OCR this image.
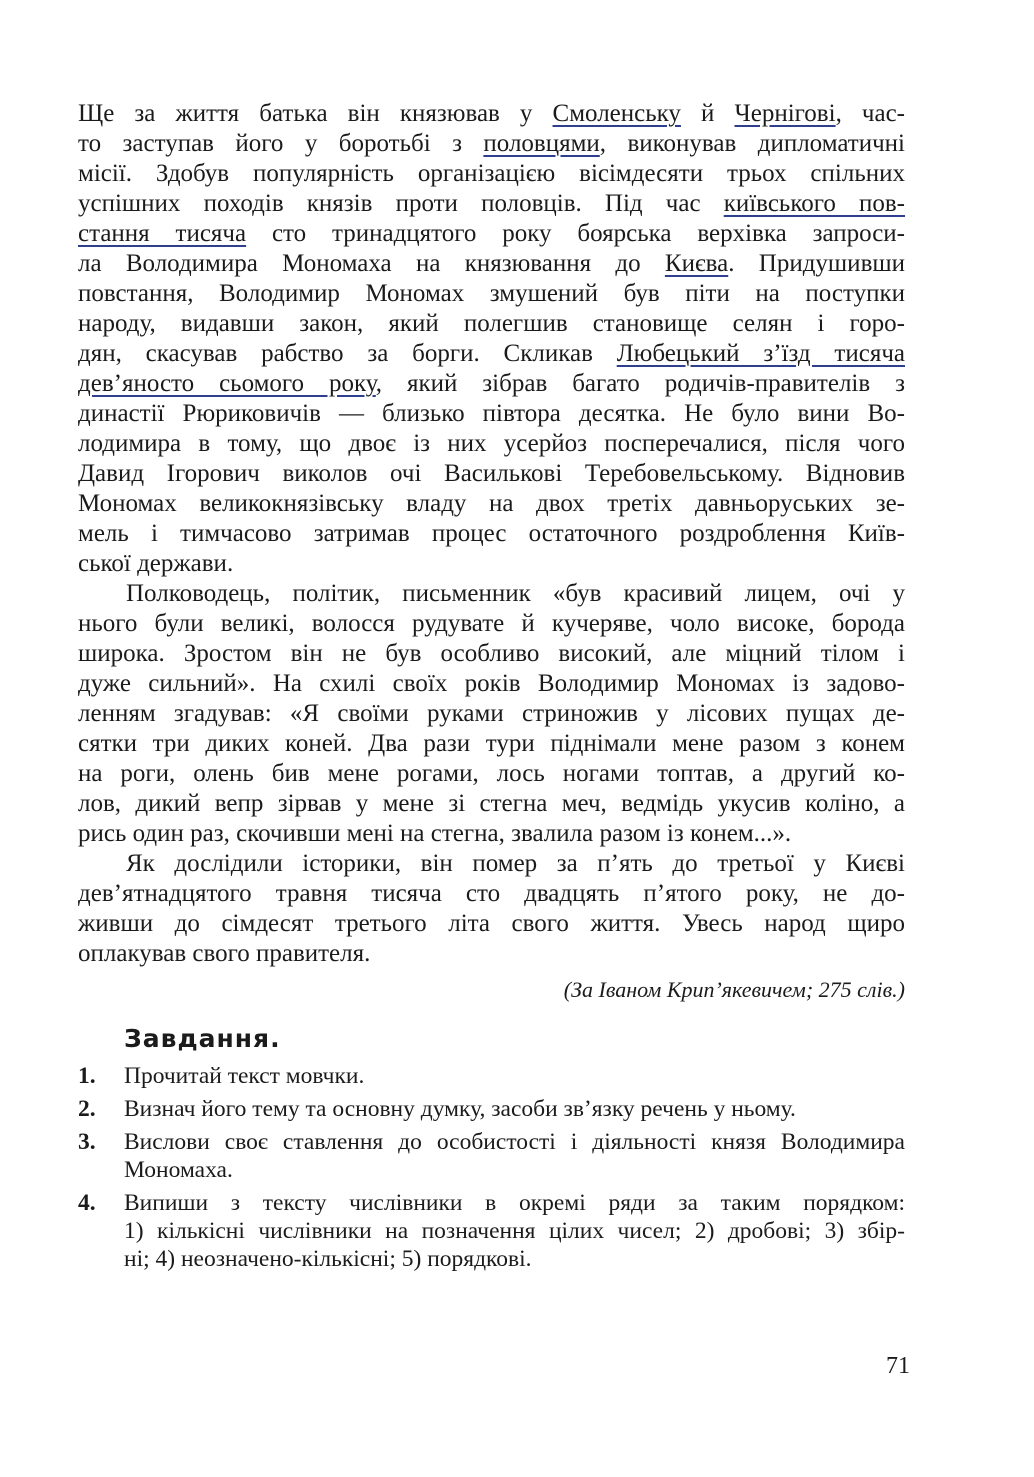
Ще за життя батька він князював у Смоленську й Чернігові, час-
то заступав його у боротьбі з половцями, виконував дипломатичні
місії. Здобув популярність організацією вісімдесяти трьох спільних
успішних походів князів проти половців. Під час київського пов-
стання тисяча сто тринадцятого року боярська верхівка запроси-
ла Володимира Мономаха на князювання до Києва. Придушивши
повстання, Володимир Мономах змушений був піти на поступки
народу, видавши закон, який полегшив становище селян і горо-
дян, скасував рабство за борги. Скликав Любецький з’їзд тисяча
дев’яносто сьомого року, який зібрав багато родичів-правителів з
династії Рюриковичів — близько півтора десятка. Не було вини Во-
лодимира в тому, що двоє із них усерйоз посперечалися, після чого
Давид Ігорович виколов очі Василькові Теребовельському. Відновив
Мономах великокнязівську владу на двох третіх давньоруських зе-
мель і тимчасово затримав процес остаточного роздроблення Київ-
ської держави.
Полководець, політик, письменник «був красивий лицем, очі у
нього були великі, волосся рудувате й кучеряве, чоло високе, борода
широка. Зростом він не був особливо високий, але міцний тілом і
дуже сильний». На схилі своїх років Володимир Мономах із задово-
ленням згадував: «Я своїми руками стриножив у лісових пущах де-
сятки три диких коней. Два рази тури піднімали мене разом з конем
на роги, олень бив мене рогами, лось ногами топтав, а другий ко-
лов, дикий вепр зірвав у мене зі стегна меч, ведмідь укусив коліно, а
рись один раз, скочивши мені на стегна, звалила разом із конем...».
Як дослідили історики, він помер за п’ять до третьої у Києві
дев’ятнадцятого травня тисяча сто двадцять п’ятого року, не до-
живши до сімдесят третього літа свого життя. Увесь народ щиро
оплакував свого правителя.
(За Іваном Крип’якевичем; 275 слів.)
Завдання.
1. Прочитай текст мовчки.
2. Визнач його тему та основну думку, засоби зв’язку речень у ньому.
3. Вислови своє ставлення до особистості і діяльності князя Володимира
Мономаха.
4. Випиши з тексту числівники в окремі ряди за таким порядком:
1) кількісні числівники на позначення цілих чисел; 2) дробові; 3) збір-
ні; 4) неозначено-кількісні; 5) порядкові.
71
